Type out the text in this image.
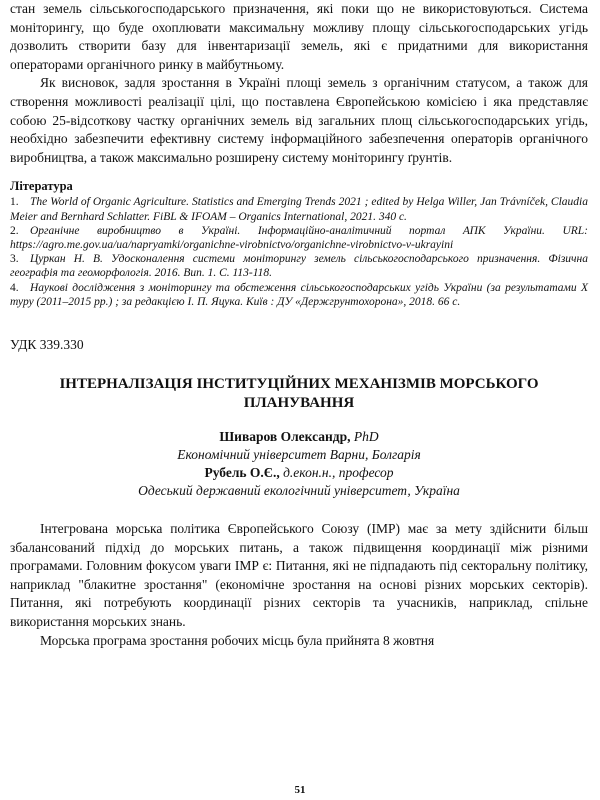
стан земель сільськогосподарського призначення, які поки що не використовуються. Система моніторингу, що буде охоплювати максимальну можливу площу сільськогосподарських угідь дозволить створити базу для інвентаризації земель, які є придатними для використання операторами органічного ринку в майбутньому.

Як висновок, задля зростання в Україні площі земель з органічним статусом, а також для створення можливості реалізації цілі, що поставлена Європейською комісією і яка представляє собою 25-відсоткову частку органічних земель від загальних площ сільськогосподарських угідь, необхідно забезпечити ефективну систему інформаційного забезпечення операторів органічного виробництва, а також максимально розширену систему моніторингу ґрунтів.

Література

1. The World of Organic Agriculture. Statistics and Emerging Trends 2021 ; edited by Helga Willer, Jan Trávníček, Claudia Meier and Bernhard Schlatter. FiBL & IFOAM – Organics International, 2021. 340 с.

2. Органічне виробництво в Україні. Інформаційно-аналітичний портал АПК України. URL: https://agro.me.gov.ua/ua/napryamki/organichne-virobnictvo/organichne-virobnictvo-v-ukrayini

3. Цуркан Н. В. Удосконалення системи моніторингу земель сільськогосподарського призначення. Фізична географія та геоморфологія. 2016. Вип. 1. С. 113-118.

4. Наукові дослідження з моніторингу та обстеження сільськогосподарських угідь України (за результатами X туру (2011–2015 рр.) ; за редакцією І. П. Яцука. Київ : ДУ «Держгрунтохорона», 2018. 66 с.

УДК 339.330

ІНТЕРНАЛІЗАЦІЯ ІНСТИТУЦІЙНИХ МЕХАНІЗМІВ МОРСЬКОГО ПЛАНУВАННЯ

Шиваров Олександр, PhD

Економічний університет Варни, Болгарія

Рубель О.Є., д.екон.н., професор

Одеський державний екологічний університет, Україна

Інтегрована морська політика Європейського Союзу (ІМР) має за мету здійснити більш збалансований підхід до морських питань, а також підвищення координації між різними програмами. Головним фокусом уваги ІМР є: Питання, які не підпадають під секторальну політику, наприклад "блакитне зростання" (економічне зростання на основі різних морських секторів). Питання, які потребують координації різних секторів та учасників, наприклад, спільне використання морських знань.

Морська програма зростання робочих місць була прийнята 8 жовтня

51
